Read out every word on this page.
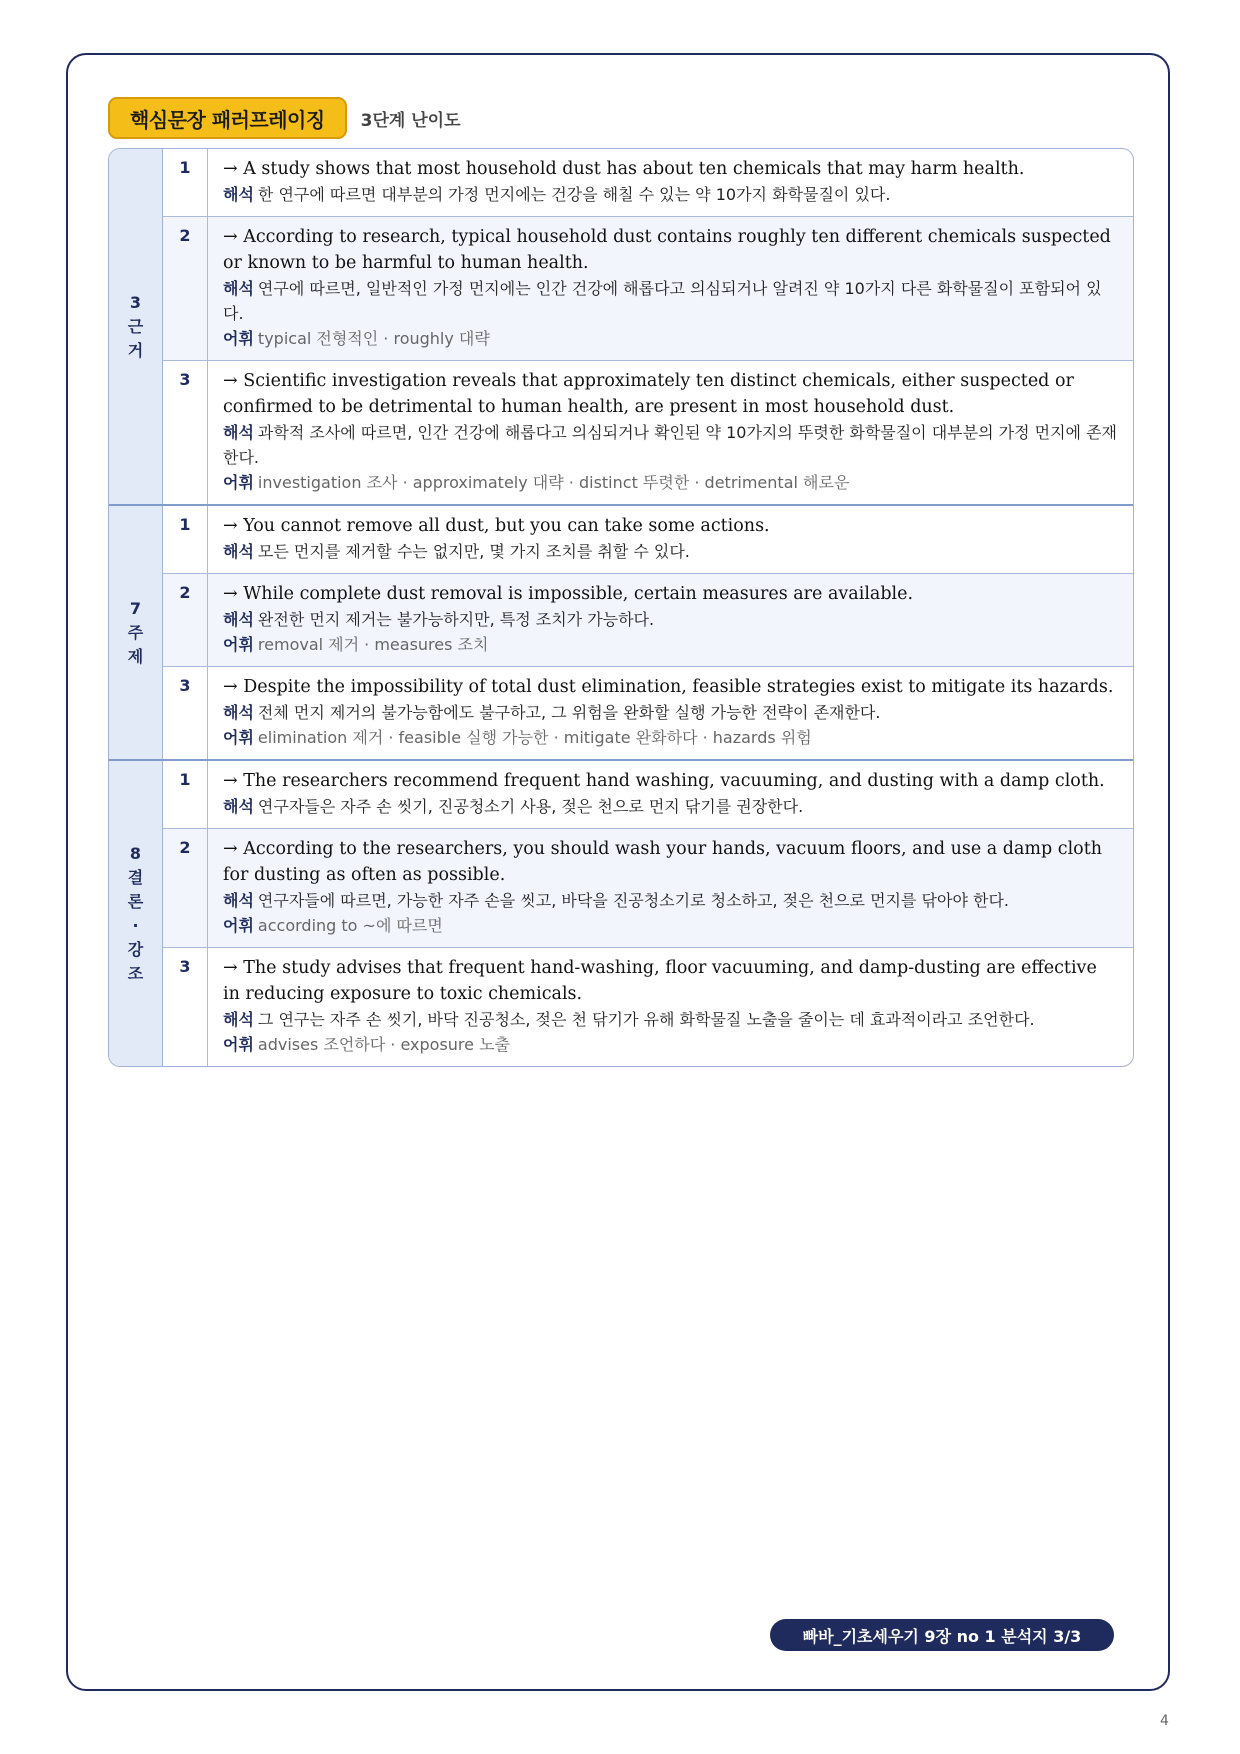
핵심문장 패러프레이징	3단계 난이도
3근거
1	→ A study shows that most household dust has about ten chemicals that may harm health.
해석 한 연구에 따르면 대부분의 가정 먼지에는 건강을 해칠 수 있는 약 10가지 화학물질이 있다.
2	→ According to research, typical household dust contains roughly ten different chemicals suspected or known to be harmful to human health.
해석 연구에 따르면, 일반적인 가정 먼지에는 인간 건강에 해롭다고 의심되거나 알려진 약 10가지 다른 화학물질이 포함되어 있다.
어휘 typical 전형적인 · roughly 대략
3	→ Scientific investigation reveals that approximately ten distinct chemicals, either suspected or confirmed to be detrimental to human health, are present in most household dust.
해석 과학적 조사에 따르면, 인간 건강에 해롭다고 의심되거나 확인된 약 10가지의 뚜렷한 화학물질이 대부분의 가정 먼지에 존재한다.
어휘 investigation 조사 · approximately 대략 · distinct 뚜렷한 · detrimental 해로운
7주제
1	→ You cannot remove all dust, but you can take some actions.
해석 모든 먼지를 제거할 수는 없지만, 몇 가지 조치를 취할 수 있다.
2	→ While complete dust removal is impossible, certain measures are available.
해석 완전한 먼지 제거는 불가능하지만, 특정 조치가 가능하다.
어휘 removal 제거 · measures 조치
3	→ Despite the impossibility of total dust elimination, feasible strategies exist to mitigate its hazards.
해석 전체 먼지 제거의 불가능함에도 불구하고, 그 위험을 완화할 실행 가능한 전략이 존재한다.
어휘 elimination 제거 · feasible 실행 가능한 · mitigate 완화하다 · hazards 위험
8결론·강조
1	→ The researchers recommend frequent hand washing, vacuuming, and dusting with a damp cloth.
해석 연구자들은 자주 손 씻기, 진공청소기 사용, 젖은 천으로 먼지 닦기를 권장한다.
2	→ According to the researchers, you should wash your hands, vacuum floors, and use a damp cloth for dusting as often as possible.
해석 연구자들에 따르면, 가능한 자주 손을 씻고, 바닥을 진공청소기로 청소하고, 젖은 천으로 먼지를 닦아야 한다.
어휘 according to ~에 따르면
3	→ The study advises that frequent hand-washing, floor vacuuming, and damp-dusting are effective in reducing exposure to toxic chemicals.
해석 그 연구는 자주 손 씻기, 바닥 진공청소, 젖은 천 닦기가 유해 화학물질 노출을 줄이는 데 효과적이라고 조언한다.
어휘 advises 조언하다 · exposure 노출
빠바_기초세우기 9장 no 1 분석지 3/3
4
